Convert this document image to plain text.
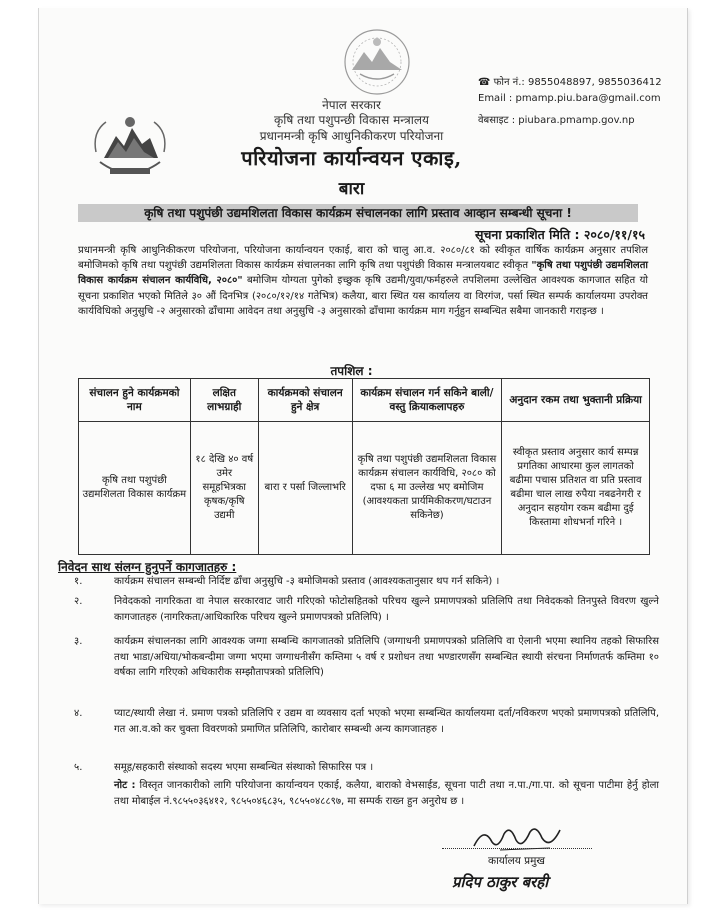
नेपाल सरकार
कृषि तथा पशुपन्छी विकास मन्त्रालय
प्रधानमन्त्री कृषि आधुनिकीकरण परियोजना
परियोजना कार्यान्वयन एकाइ,
बारा
☎ फोन नं.: 9855048897, 9855036412
Email : pmamp.piu.bara@gmail.com
वेबसाइट : piubara.pmamp.gov.np
कृषि तथा पशुपंछी उद्यमशिलता विकास कार्यक्रम संचालनका लागि प्रस्ताव आव्हान सम्बन्धी सूचना !
सूचना प्रकाशित मिति : २०८०/११/१५
प्रधानमन्त्री कृषि आधुनिकीकरण परियोजना, परियोजना कार्यान्वयन एकाई, बारा को चालु आ.व. २०८०/८१ को स्वीकृत वार्षिक कार्यक्रम अनुसार तपशिल बमोजिमको कृषि तथा पशुपंछी उद्यमशिलता विकास कार्यक्रम संचालनका लागि कृषि तथा पशुपंछी विकास मन्त्रालयबाट स्वीकृत "कृषि तथा पशुपंछी उद्यमशिलता विकास कार्यक्रम संचालन कार्यविधि, २०८०" बमोजिम योग्यता पुगेको इच्छुक कृषि उद्यमी/युवा/फर्महरुले तपशिलमा उल्लेखित आवश्यक कागजात सहित यो सूचना प्रकाशित भएको मितिले ३० औं दिनभित्र (२०८०/१२/१४ गतेभित्र) कलैया, बारा स्थित यस कार्यालय वा विरगंज, पर्सा स्थित सम्पर्क कार्यालयमा उपरोक्त कार्यविधिको अनुसुचि -२ अनुसारको ढाँचामा आवेदन तथा अनुसुचि -३ अनुसारको ढाँचामा कार्यक्रम माग गर्नुहुन सम्बन्धित सबैमा जानकारी गराइन्छ ।
तपशिल :
संचालन हुने कार्यक्रमको नाम	लक्षित लाभग्राही	कार्यक्रमको संचालन हुने क्षेत्र	कार्यक्रम संचालन गर्न सकिने बाली/वस्तु क्रियाकलापहरु	अनुदान रकम तथा भुक्तानी प्रक्रिया
कृषि तथा पशुपंछी उद्यमशिलता विकास कार्यक्रम	१८ देखि ४० वर्ष उमेर समूहभित्रका कृषक/कृषि उद्यमी	बारा र पर्सा जिल्लाभरि	कृषि तथा पशुपंछी उद्यमशिलता विकास कार्यक्रम संचालन कार्यविधि, २०८० को दफा ६ मा उल्लेख भए बमोजिम (आवश्यकता प्रार्यमिकीकरण/घटाउन सकिनेछ)	स्वीकृत प्रस्ताव अनुसार कार्य सम्पन्न प्रगतिका आधारमा कुल लागतको बढीमा पचास प्रतिशत वा प्रति प्रस्ताव बढीमा चाल लाख रुपैया नबढनेगरी र अनुदान सहयोग रकम बढीमा दुई किस्तामा शोधभर्ना गरिने ।
निवेदन साथ संलग्न हुनुपर्ने कागजातहरु :
१.	कार्यक्रम संचालन सम्बन्धी निर्दिष्ट ढाँचा अनुसुचि -३ बमोजिमको प्रस्ताव (आवश्यकतानुसार थप गर्न सकिने) ।
२.	निवेदकको नागरिकता वा नेपाल सरकारवाट जारी गरिएको फोटोसहितको परिचय खुल्ने प्रमाणपत्रको प्रतिलिपि तथा निवेदकको तिनपुस्ते विवरण खुल्ने कागजातहरु (नागरिकता/आधिकारिक परिचय खुल्ने प्रमाणपत्रको प्रतिलिपि) ।
३.	कार्यक्रम संचालनका लागि आवश्यक जग्गा सम्बन्धि कागजातको प्रतिलिपि (जग्गाधनी प्रमाणपत्रको प्रतिलिपि वा ऐलानी भएमा स्थानिय तहको सिफारिस तथा भाडा/अधिया/भोकबन्दीमा जग्गा भएमा जग्गाधनीसँग कम्तिमा ५ वर्ष र प्रशोधन तथा भण्डारणसँग सम्बन्धित स्थायी संरचना निर्माणतर्फ कम्तिमा १० वर्षका लागि गरिएको अधिकारीक सम्झौतापत्रको प्रतिलिपि)
४.	प्याट/स्थायी लेखा नं. प्रमाण पत्रको प्रतिलिपि र उद्यम वा व्यवसाय दर्ता भएको भएमा सम्बन्धित कार्यालयमा दर्ता/नविकरण भएको प्रमाणपत्रको प्रतिलिपि, गत आ.व.को कर चुक्ता विवरणको प्रमाणित प्रतिलिपि, कारोबार सम्बन्धी अन्य कागजातहरु ।
५.	समूह/सहकारी संस्थाको सदस्य भएमा सम्बन्धित संस्थाको सिफारिस पत्र ।
नोट : विस्तृत जानकारीको लागि परियोजना कार्यान्वयन एकाई, कलैया, बाराको वेभसाईड, सूचना पाटी तथा न.पा./गा.पा. को सूचना पाटीमा हेर्नु होला तथा मोबाईल नं.९८५५०३६४१२, ९८५५०४६८३५, ९८५५०४८८९७, मा सम्पर्क राख्न हुन अनुरोध छ ।
कार्यालय प्रमुख
प्रदिप ठाकुर बरही
